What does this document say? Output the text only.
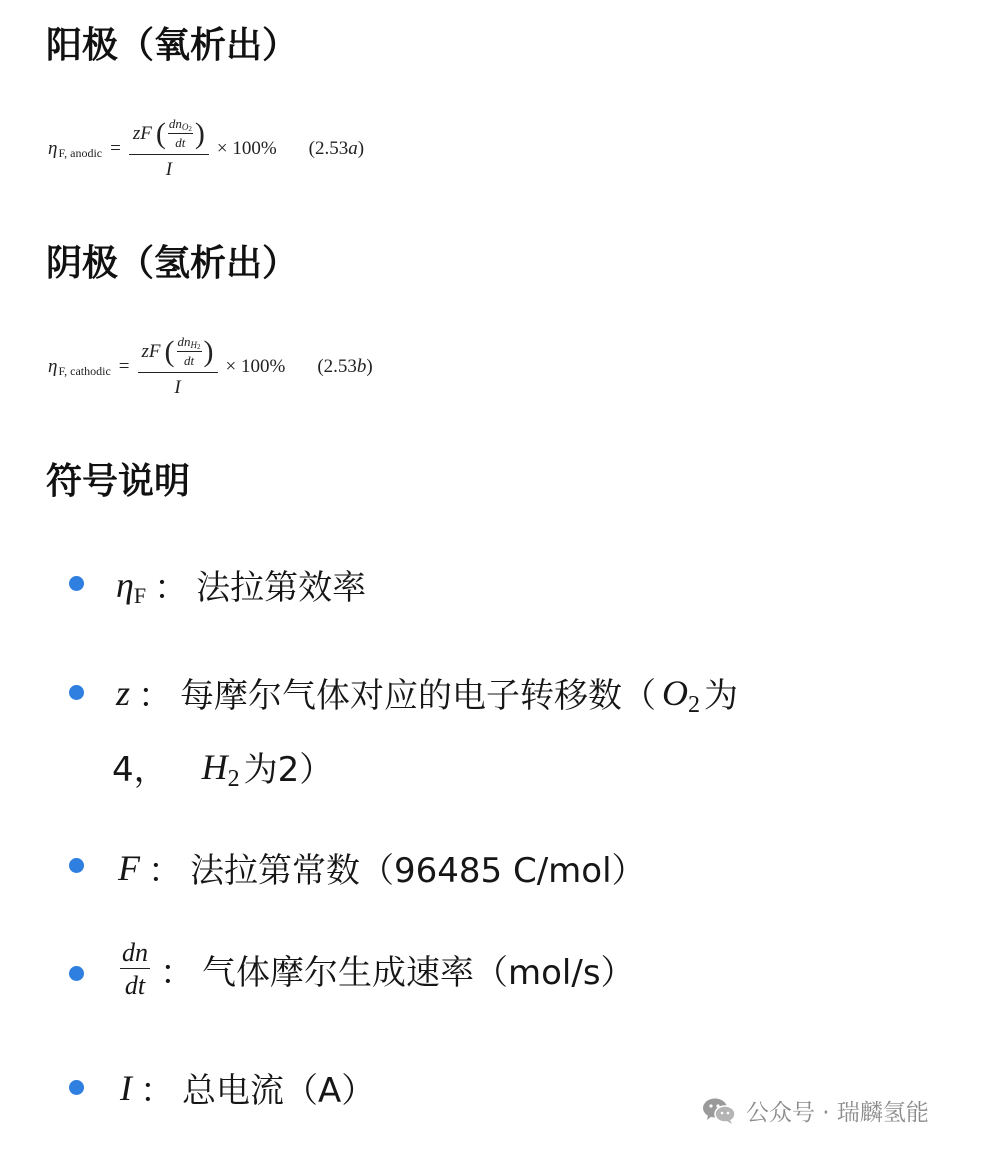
阳极（氧析出）
η F, anodic = zF ( dnO$_2$
dt )
I × 100% (2.53a)
阴极（氢析出）
η F, cathodic = zF ( dnH$_2$
dt )
I × 100% (2.53b)
符号说明
ηF ： 法拉第效率
z ： 每摩尔气体对应的电子转移数（ O2 为
4， H2 为2）
F ： 法拉第常数（96485 C/mol）
dn
dt ： 气体摩尔生成速率（mol/s）
I ： 总电流（A）
公众号 · 瑞麟氢能
